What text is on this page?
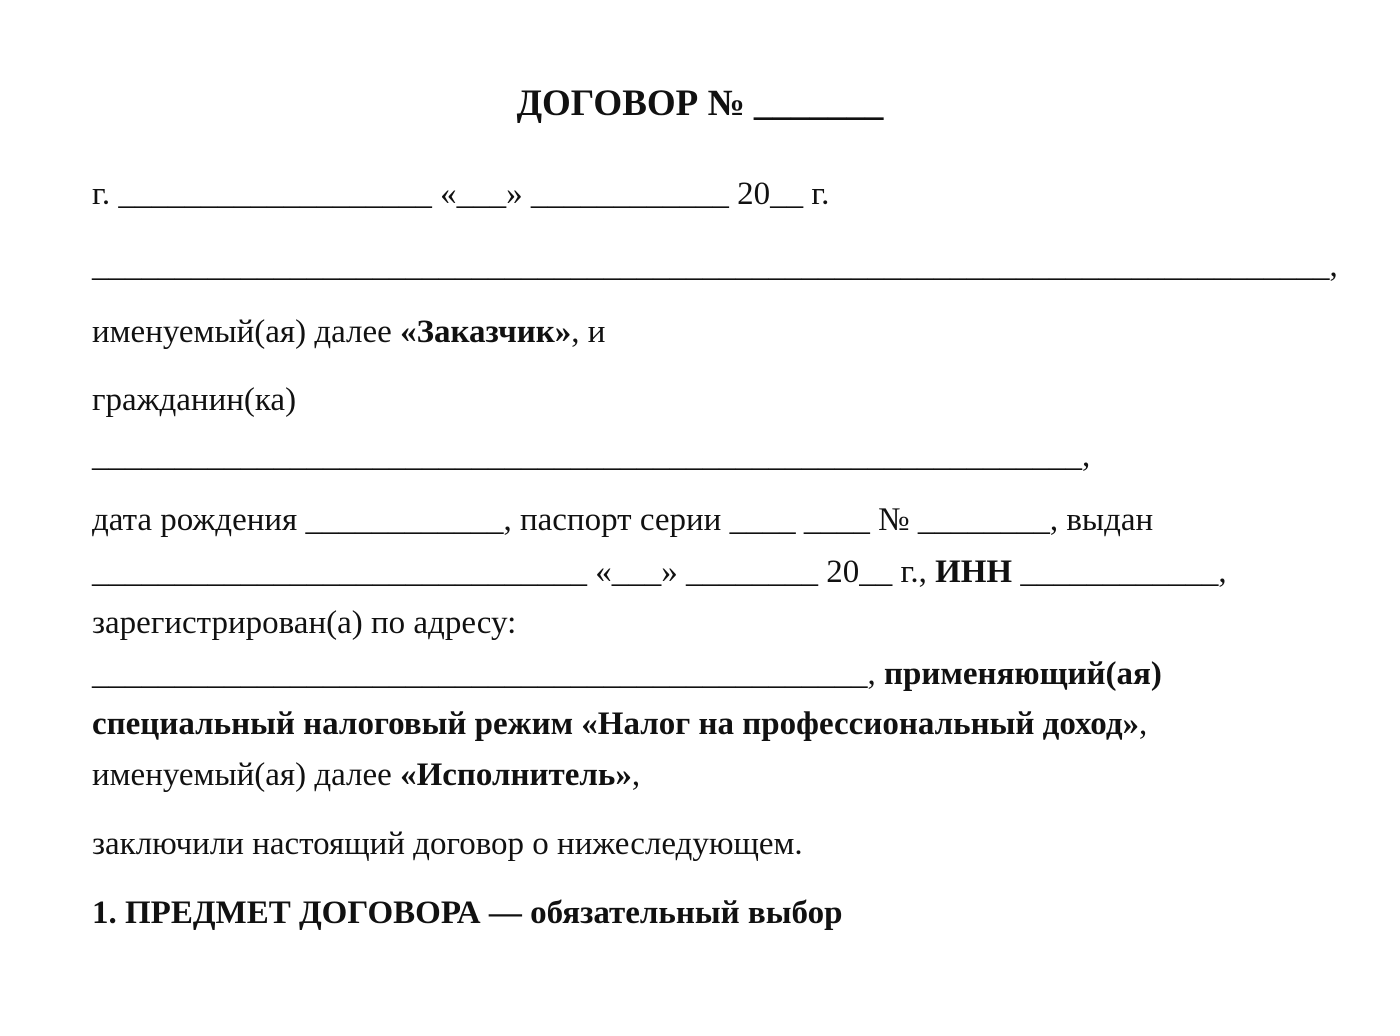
ДОГОВОР № _______
г. ___________________ «___» ____________ 20__ г.
___________________________________________________________________________,
именуемый(ая) далее «Заказчик», и
гражданин(ка)
____________________________________________________________,
дата рождения ____________, паспорт серии ____ ____ № ________, выдан
______________________________ «___» ________ 20__ г., ИНН ____________,
зарегистрирован(а) по адресу:
_______________________________________________, применяющий(ая)
специальный налоговый режим «Налог на профессиональный доход»,
именуемый(ая) далее «Исполнитель»,
заключили настоящий договор о нижеследующем.
1. ПРЕДМЕТ ДОГОВОРА — обязательный выбор
